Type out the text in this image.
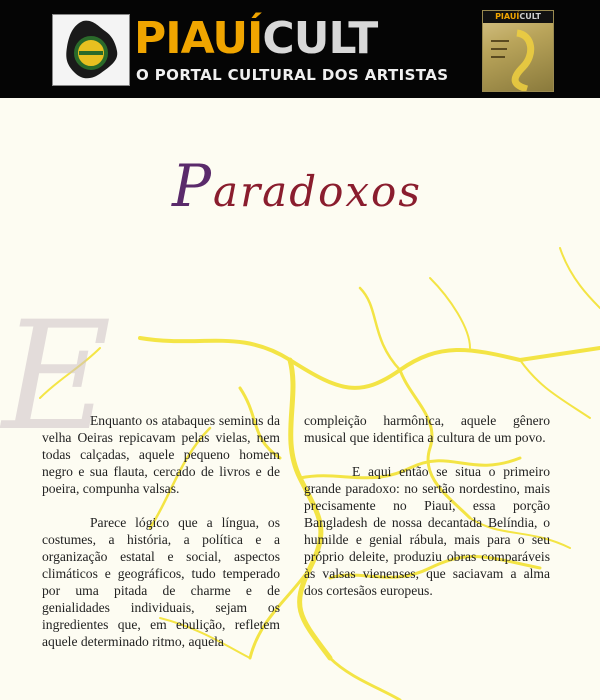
E
PIAUÍCULT
O PORTAL CULTURAL DOS ARTISTAS
PIAUÍCULT
Paradoxos

Enquanto os atabaques seminus da velha Oeiras repicavam pelas vielas, nem todas calçadas, aquele pequeno homem negro e sua flauta, cercado de livros e de poeira, compunha valsas.

Parece lógico que a língua, os costumes, a história, a política e a organização estatal e social, aspectos climáticos e geográficos, tudo temperado por uma pitada de charme e de genialidades individuais, sejam os ingredientes que, em ebulição, refletem aquele determinado ritmo, aquela

compleição harmônica, aquele gênero musical que identifica a cultura de um povo.

E aqui então se situa o primeiro grande paradoxo: no sertão nordestino, mais precisamente no Piauí, essa porção Bangladesh de nossa decantada Belíndia, o humilde e genial rábula, mais para o seu próprio deleite, produziu obras comparáveis às valsas vienenses, que saciavam a alma dos cortesãos europeus.
